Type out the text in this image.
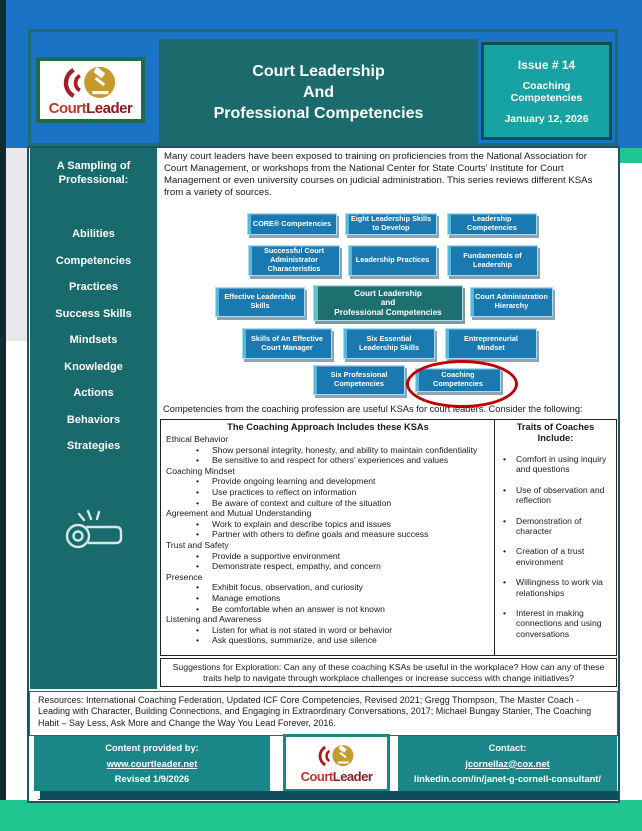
CourtLeader
Court Leadership
And
Professional Competencies
Issue # 14
Coaching Competencies
January 12, 2026
A Sampling of
Professional:
Abilities
Competencies
Practices
Success Skills
Mindsets
Knowledge
Actions
Behaviors
Strategies
Many court leaders have been exposed to training on proficiencies from the National Association for Court Management, or workshops from the National Center for State Courts’ Institute for Court Management or even university courses on judicial administration. This series reviews different KSAs from a variety of sources.
CORE® Competencies	Eight Leadership Skills to Develop
Leadership Competencies
Successful Court Administrator Characteristics
Leadership Practices	Fundamentals of Leadership
Effective Leadership Skills
Court Leadership
and
Professional Competencies
Court Administration Hierarchy
Skills of An Effective Court Manager
Six Essential Leadership Skills
Entrepreneurial Mindset
Six Professional Competencies
Coaching Competencies
Competencies from the coaching profession are useful KSAs for court leaders. Consider the following:
The Coaching Approach Includes these KSAs
Ethical Behavior
• Show personal integrity, honesty, and ability to maintain confidentiality
• Be sensitive to and respect for others’ experiences and values
Coaching Mindset
• Provide ongoing learning and development
• Use practices to reflect on information
• Be aware of context and culture of the situation
Agreement and Mutual Understanding
• Work to explain and describe topics and issues
• Partner with others to define goals and measure success
Trust and Safety
• Provide a supportive environment
• Demonstrate respect, empathy, and concern
Presence
• Exhibit focus, observation, and curiosity
• Manage emotions
• Be comfortable when an answer is not known
Listening and Awareness
• Listen for what is not stated in word or behavior
• Ask questions, summarize, and use silence
Traits of Coaches Include:
• Comfort in using inquiry and questions
• Use of observation and reflection
• Demonstration of character
• Creation of a trust environment
• Willingness to work via relationships
• Interest in making connections and using conversations
Suggestions for Exploration: Can any of these coaching KSAs be useful in the workplace? How can any of these traits help to navigate through workplace challenges or increase success with change initiatives?
Resources: International Coaching Federation, Updated ICF Core Competencies, Revised 2021; Gregg Thompson, The Master Coach - Leading with Character, Building Connections, and Engaging in Extraordinary Conversations, 2017; Michael Bungay Stanier, The Coaching Habit – Say Less, Ask More and Change the Way You Lead Forever, 2016.
Content provided by:
www.courtleader.net
Revised 1/9/2026	CourtLeader
Contact:
jcornellaz@cox.net
linkedin.com/in/janet-g-cornell-consultant/
